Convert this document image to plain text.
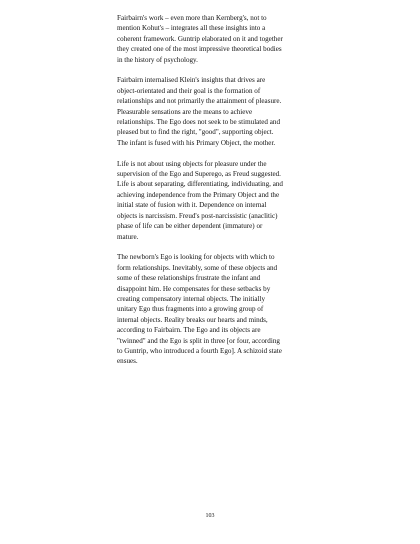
Fairbairn's work – even more than Kernberg's, not to
mention Kohut's – integrates all these insights into a
coherent framework. Guntrip elaborated on it and together
they created one of the most impressive theoretical bodies
in the history of psychology.

Fairbairn internalised Klein's insights that drives are
object-orientated and their goal is the formation of
relationships and not primarily the attainment of pleasure.
Pleasurable sensations are the means to achieve
relationships. The Ego does not seek to be stimulated and
pleased but to find the right, "good", supporting object.
The infant is fused with his Primary Object, the mother.

Life is not about using objects for pleasure under the
supervision of the Ego and Superego, as Freud suggested.
Life is about separating, differentiating, individuating, and
achieving independence from the Primary Object and the
initial state of fusion with it. Dependence on internal
objects is narcissism. Freud's post-narcissistic (anaclitic)
phase of life can be either dependent (immature) or
mature.

The newborn's Ego is looking for objects with which to
form relationships. Inevitably, some of these objects and
some of these relationships frustrate the infant and
disappoint him. He compensates for these setbacks by
creating compensatory internal objects. The initially
unitary Ego thus fragments into a growing group of
internal objects. Reality breaks our hearts and minds,
according to Fairbairn. The Ego and its objects are
"twinned" and the Ego is split in three [or four, according
to Guntrip, who introduced a fourth Ego]. A schizoid state
ensues.

103
